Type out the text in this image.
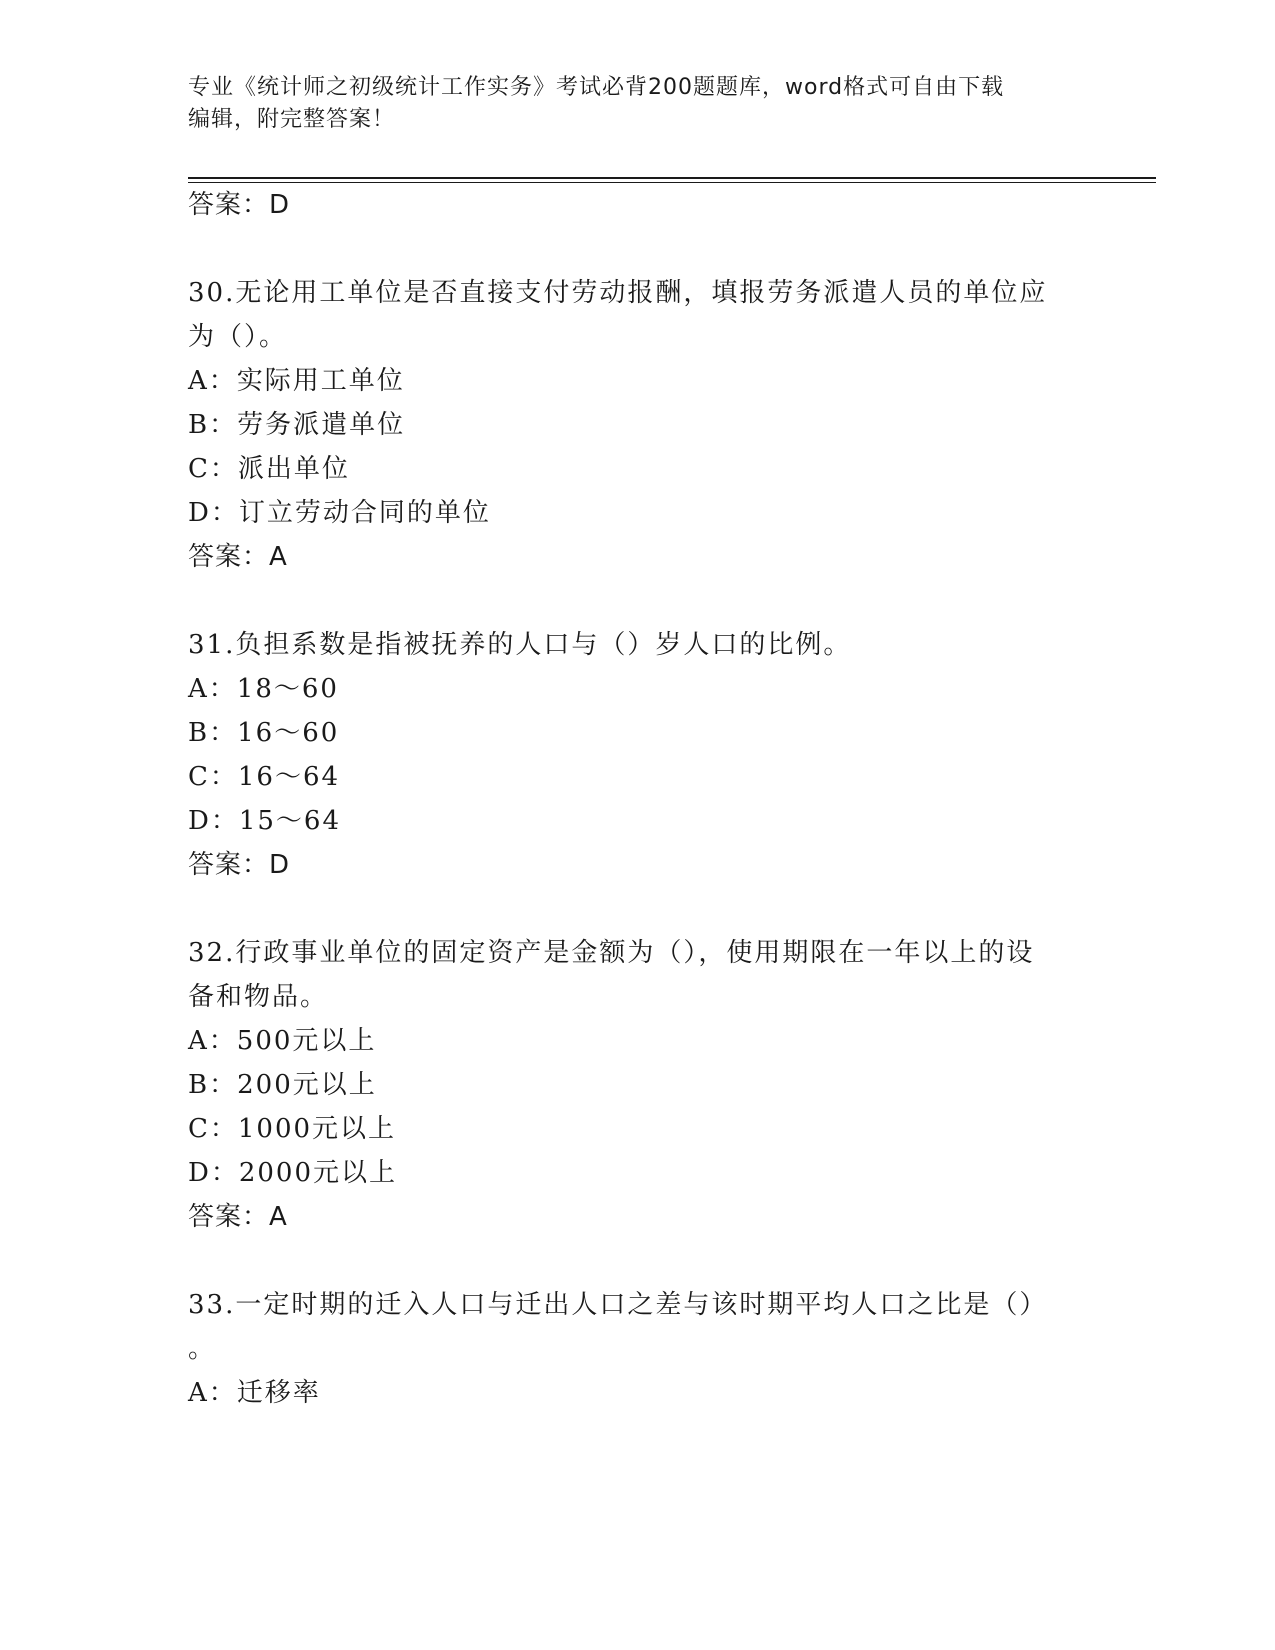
专业《统计师之初级统计工作实务》考试必背200题题库，word格式可自由下载
编辑，附完整答案！
答案：D
30.无论用工单位是否直接支付劳动报酬，填报劳务派遣人员的单位应
为（）。
A：实际用工单位
B：劳务派遣单位
C：派出单位
D：订立劳动合同的单位
答案：A
31.负担系数是指被抚养的人口与（）岁人口的比例。
A：18～60
B：16～60
C：16～64
D：15～64
答案：D
32.行政事业单位的固定资产是金额为（），使用期限在一年以上的设
备和物品。
A：500元以上
B：200元以上
C：1000元以上
D：2000元以上
答案：A
33.一定时期的迁入人口与迁出人口之差与该时期平均人口之比是（）
。
A：迁移率
